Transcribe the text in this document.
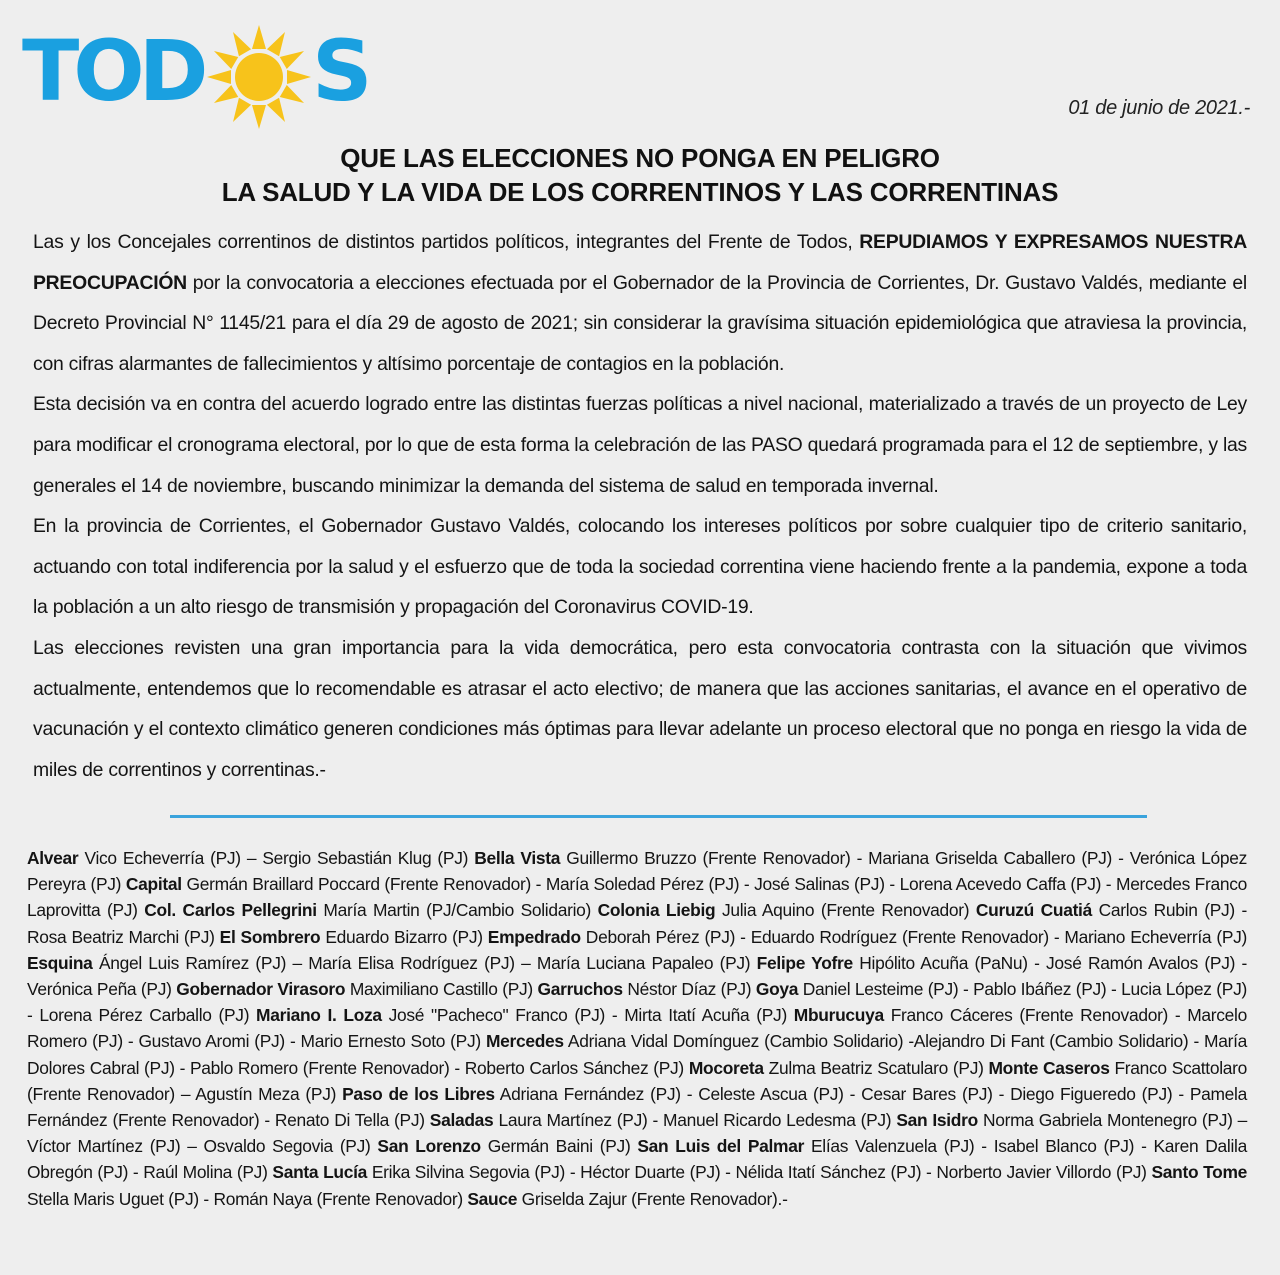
TOD S	01 de junio de 2021.-
QUE LAS ELECCIONES NO PONGA EN PELIGRO
LA SALUD Y LA VIDA DE LOS CORRENTINOS Y LAS CORRENTINAS

Las y los Concejales correntinos de distintos partidos políticos, integrantes del Frente de Todos, REPUDIAMOS Y EXPRESAMOS NUESTRA PREOCUPACIÓN por la convocatoria a elecciones efectuada por el Gobernador de la Provincia de Corrientes, Dr. Gustavo Valdés, mediante el Decreto Provincial N° 1145/21 para el día 29 de agosto de 2021; sin considerar la gravísima situación epidemiológica que atraviesa la provincia, con cifras alarmantes de fallecimientos y altísimo porcentaje de contagios en la población.

Esta decisión va en contra del acuerdo logrado entre las distintas fuerzas políticas a nivel nacional, materializado a través de un proyecto de Ley para modificar el cronograma electoral, por lo que de esta forma la celebración de las PASO quedará programada para el 12 de septiembre, y las generales el 14 de noviembre, buscando minimizar la demanda del sistema de salud en temporada invernal.

En la provincia de Corrientes, el Gobernador Gustavo Valdés, colocando los intereses políticos por sobre cualquier tipo de criterio sanitario, actuando con total indiferencia por la salud y el esfuerzo que de toda la sociedad correntina viene haciendo frente a la pandemia, expone a toda la población a un alto riesgo de transmisión y propagación del Coronavirus COVID-19.

Las elecciones revisten una gran importancia para la vida democrática, pero esta convocatoria contrasta con la situación que vivimos actualmente, entendemos que lo recomendable es atrasar el acto electivo; de manera que las acciones sanitarias, el avance en el operativo de vacunación y el contexto climático generen condiciones más óptimas para llevar adelante un proceso electoral que no ponga en riesgo la vida de miles de correntinos y correntinas.-

Alvear Vico Echeverría (PJ) – Sergio Sebastián Klug (PJ) Bella Vista Guillermo Bruzzo (Frente Renovador) - Mariana Griselda Caballero (PJ) - Verónica López Pereyra (PJ) Capital Germán Braillard Poccard (Frente Renovador) - María Soledad Pérez (PJ) - José Salinas (PJ) - Lorena Acevedo Caffa (PJ) - Mercedes Franco Laprovitta (PJ) Col. Carlos Pellegrini María Martin (PJ/Cambio Solidario) Colonia Liebig Julia Aquino (Frente Renovador) Curuzú Cuatiá Carlos Rubin (PJ) - Rosa Beatriz Marchi (PJ) El Sombrero Eduardo Bizarro (PJ) Empedrado Deborah Pérez (PJ) - Eduardo Rodríguez (Frente Renovador) - Mariano Echeverría (PJ) Esquina Ángel Luis Ramírez (PJ) – María Elisa Rodríguez (PJ) – María Luciana Papaleo (PJ) Felipe Yofre Hipólito Acuña (PaNu) - José Ramón Avalos (PJ) - Verónica Peña (PJ) Gobernador Virasoro Maximiliano Castillo (PJ) Garruchos Néstor Díaz (PJ) Goya Daniel Lesteime (PJ) - Pablo Ibáñez (PJ) - Lucia López (PJ) - Lorena Pérez Carballo (PJ) Mariano I. Loza José "Pacheco" Franco (PJ) - Mirta Itatí Acuña (PJ) Mburucuya Franco Cáceres (Frente Renovador) - Marcelo Romero (PJ) - Gustavo Aromi (PJ) - Mario Ernesto Soto (PJ) Mercedes Adriana Vidal Domínguez (Cambio Solidario) -Alejandro Di Fant (Cambio Solidario) - María Dolores Cabral (PJ) - Pablo Romero (Frente Renovador) - Roberto Carlos Sánchez (PJ) Mocoreta Zulma Beatriz Scatularo (PJ) Monte Caseros Franco Scattolaro (Frente Renovador) – Agustín Meza (PJ) Paso de los Libres Adriana Fernández (PJ) - Celeste Ascua (PJ) - Cesar Bares (PJ) - Diego Figueredo (PJ) - Pamela Fernández (Frente Renovador) - Renato Di Tella (PJ) Saladas Laura Martínez (PJ) - Manuel Ricardo Ledesma (PJ) San Isidro Norma Gabriela Montenegro (PJ) – Víctor Martínez (PJ) – Osvaldo Segovia (PJ) San Lorenzo Germán Baini (PJ) San Luis del Palmar Elías Valenzuela (PJ) - Isabel Blanco (PJ) - Karen Dalila Obregón (PJ) - Raúl Molina (PJ) Santa Lucía Erika Silvina Segovia (PJ) - Héctor Duarte (PJ) - Nélida Itatí Sánchez (PJ) - Norberto Javier Villordo (PJ) Santo Tome Stella Maris Uguet (PJ) - Román Naya (Frente Renovador) Sauce Griselda Zajur (Frente Renovador).-
